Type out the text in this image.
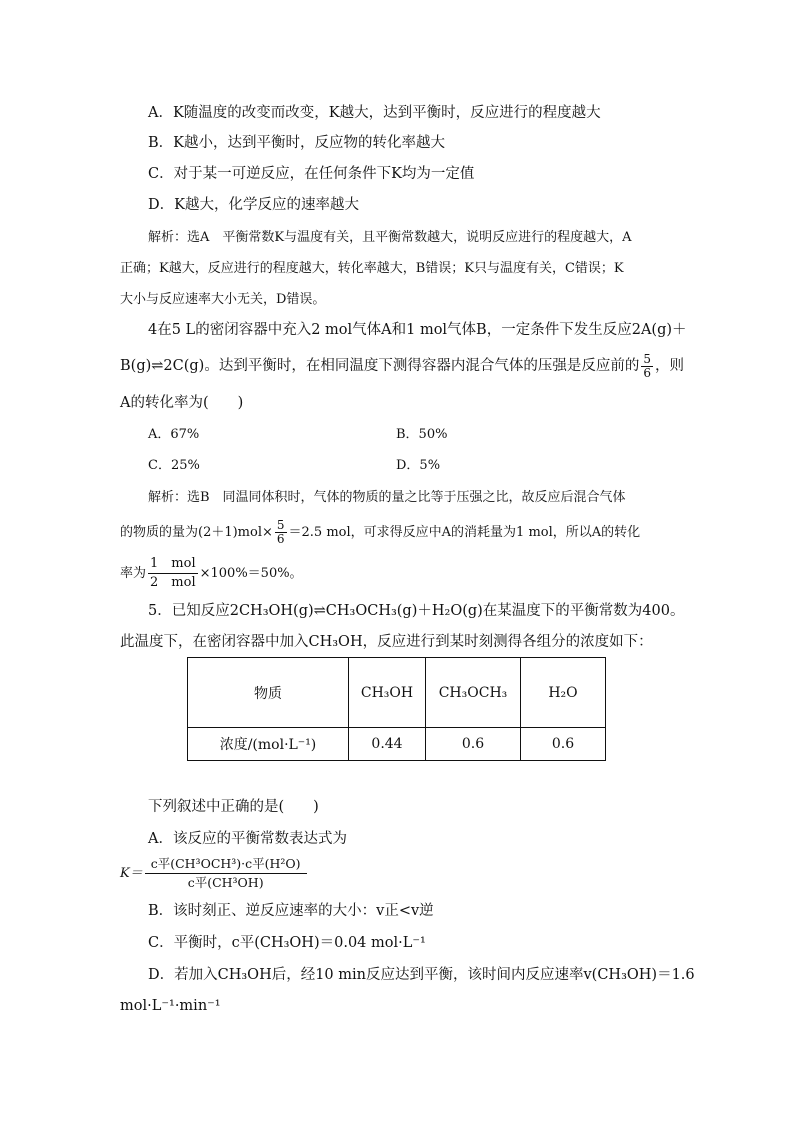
A．K随温度的改变而改变，K越大，达到平衡时，反应进行的程度越大
B．K越小，达到平衡时，反应物的转化率越大
C．对于某一可逆反应，在任何条件下K均为一定值
D．K越大，化学反应的速率越大
解析：选A　平衡常数K与温度有关，且平衡常数越大，说明反应进行的程度越大，A
正确；K越大，反应进行的程度越大，转化率越大，B错误；K只与温度有关，C错误；K
大小与反应速率大小无关，D错误。
4在5 L的密闭容器中充入2 mol气体A和1 mol气体B，一定条件下发生反应2A(g)＋
B(g)⇌2C(g)。达到平衡时，在相同温度下测得容器内混合气体的压强是反应前的 $\frac{5}{6}$ ，则
A的转化率为(　　)
A．67%	B．50%
C．25%	D．5%
解析：选B　同温同体积时，气体的物质的量之比等于压强之比，故反应后混合气体
的物质的量为$(2+1)mol\times \frac{5}{6} =2.5$ mol，可求得反应中A的消耗量为1 mol，所以A的转化
率为 $\frac{\text{1　mol}}{\text{2　mol}} \times 100\%=50\%$。
5．已知反应2CH₃OH(g)⇌CH₃OCH₃(g)＋H₂O(g)在某温度下的平衡常数为400。
此温度下，在密闭容器中加入CH₃OH，反应进行到某时刻测得各组分的浓度如下：
物质	CH₃OH	CH₃OCH₃	H₂O
浓度/(mol·L⁻¹)	0.44	0.6	0.6
下列叙述中正确的是(　　)
A．该反应的平衡常数表达式为
$K= \frac{\text{c平(CH³OCH³)·c平(H²O)}}{\text{c平(CH³OH)}}$
B．该时刻正、逆反应速率的大小：v正<v逆
C．平衡时，c平(CH₃OH)＝0.04 mol·L⁻¹
D．若加入CH₃OH后，经10 min反应达到平衡，该时间内反应速率v(CH₃OH)＝1.6
mol·L⁻¹·min⁻¹
